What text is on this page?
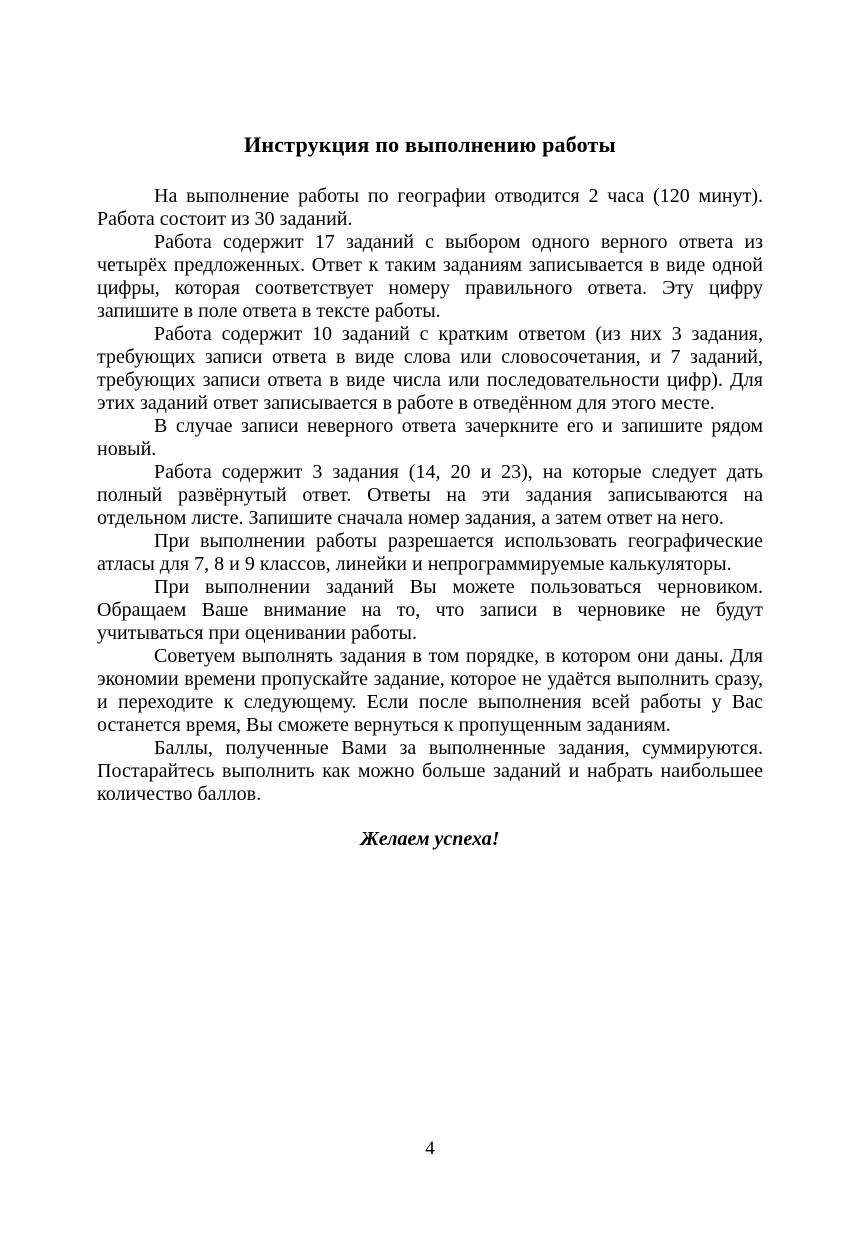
Инструкция по выполнению работы

На выполнение работы по географии отводится 2 часа (120 минут). Работа состоит из 30 заданий.

Работа содержит 17 заданий с выбором одного верного ответа из четырёх предложенных. Ответ к таким заданиям записывается в виде одной цифры, которая соответствует номеру правильного ответа. Эту цифру запишите в поле ответа в тексте работы.

Работа содержит 10 заданий с кратким ответом (из них 3 задания, требующих записи ответа в виде слова или словосочетания, и 7 заданий, требующих записи ответа в виде числа или последовательности цифр). Для этих заданий ответ записывается в работе в отведённом для этого месте.

В случае записи неверного ответа зачеркните его и запишите рядом новый.

Работа содержит 3 задания (14, 20 и 23), на которые следует дать полный развёрнутый ответ. Ответы на эти задания записываются на отдельном листе. Запишите сначала номер задания, а затем ответ на него.

При выполнении работы разрешается использовать географические атласы для 7, 8 и 9 классов, линейки и непрограммируемые калькуляторы.

При выполнении заданий Вы можете пользоваться черновиком. Обращаем Ваше внимание на то, что записи в черновике не будут учитываться при оценивании работы.

Советуем выполнять задания в том порядке, в котором они даны. Для экономии времени пропускайте задание, которое не удаётся выполнить сразу, и переходите к следующему. Если после выполнения всей работы у Вас останется время, Вы сможете вернуться к пропущенным заданиям.

Баллы, полученные Вами за выполненные задания, суммируются. Постарайтесь выполнить как можно больше заданий и набрать наибольшее количество баллов.

Желаем успеха!

4
